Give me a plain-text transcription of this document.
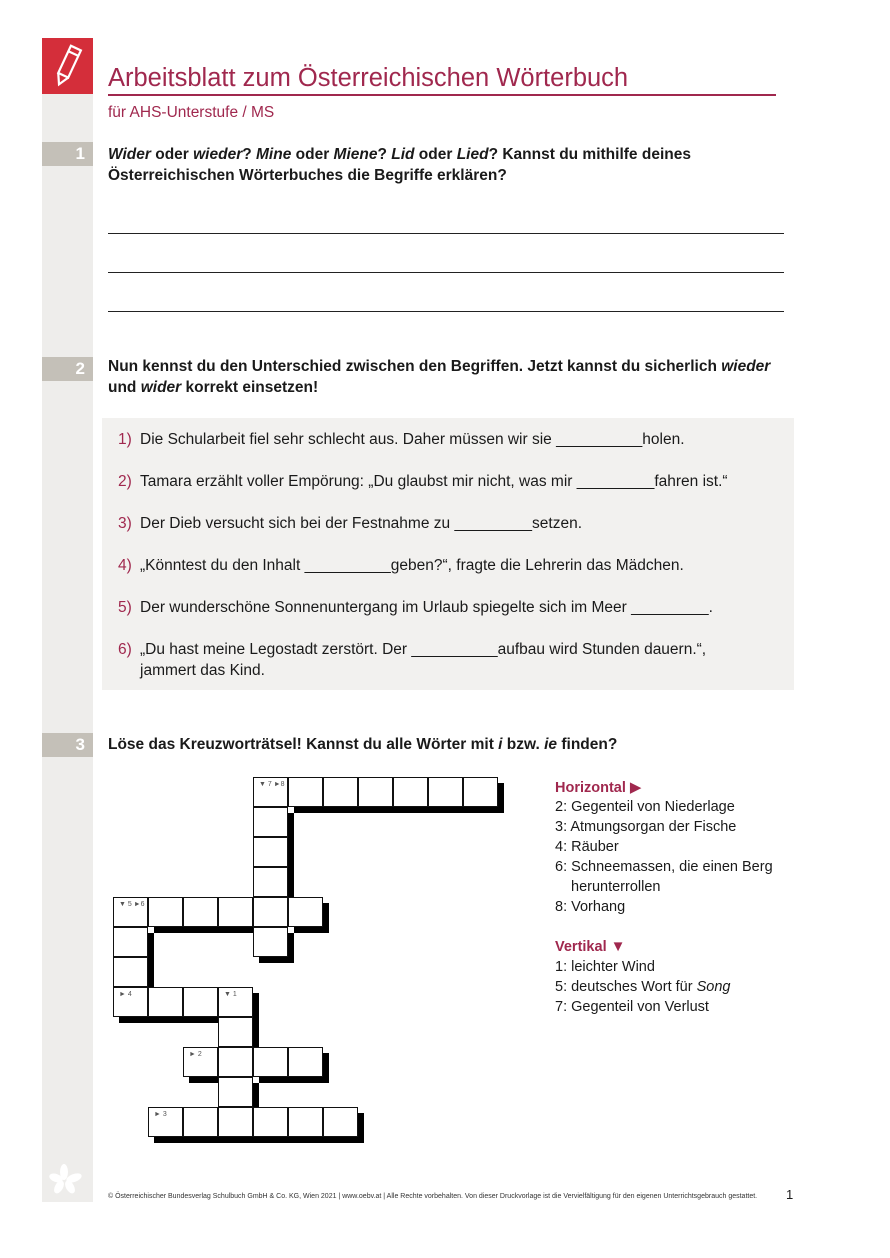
Arbeitsblatt zum Österreichischen Wörterbuch
für AHS-Unterstufe / MS
1	Wider oder wieder? Mine oder Miene? Lid oder Lied? Kannst du mithilfe deines Österreichischen Wörterbuches die Begriffe erklären?
2	Nun kennst du den Unterschied zwischen den Begriffen. Jetzt kannst du sicherlich wieder und wider korrekt einsetzen!
1) Die Schularbeit fiel sehr schlecht aus. Daher müssen wir sie __________holen.
2) Tamara erzählt voller Empörung: „Du glaubst mir nicht, was mir _________fahren ist.“
3) Der Dieb versucht sich bei der Festnahme zu _________setzen.
4) „Könntest du den Inhalt __________geben?“, fragte die Lehrerin das Mädchen.
5) Der wunderschöne Sonnenuntergang im Urlaub spiegelte sich im Meer _________.
6) „Du hast meine Legostadt zerstört. Der __________aufbau wird Stunden dauern.“,
jammert das Kind.
3	Löse das Kreuzworträtsel! Kannst du alle Wörter mit i bzw. ie finden?
▼ 7 ►8
▼ 5 ►6
► 4	▼ 1
► 2
► 3
Horizontal ▶
2: Gegenteil von Niederlage
3: Atmungsorgan der Fische
4: Räuber
6: Schneemassen, die einen Berg
herunterrollen
8: Vorhang
Vertikal ▼
1: leichter Wind
5: deutsches Wort für Song
7: Gegenteil von Verlust
© Österreichischer Bundesverlag Schulbuch GmbH & Co. KG, Wien 2021 | www.oebv.at | Alle Rechte vorbehalten. Von dieser Druckvorlage ist die Vervielfältigung für den eigenen Unterrichtsgebrauch gestattet. 1
